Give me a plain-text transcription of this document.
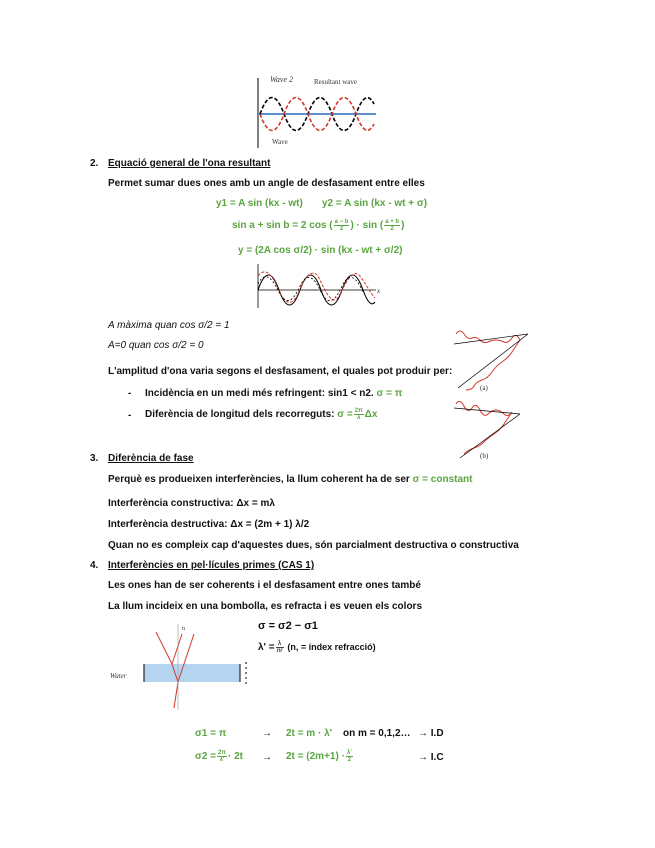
Wave 2	Resultant wave
Wave
2. Equació general de l'ona resultant
Permet sumar dues ones amb un angle de desfasament entre elles
y1 = A sin (kx - wt) y2 = A sin (kx - wt + σ)
sin a + sin b = 2 cos ( $\frac{a - b}{2}$ ) · sin ( $\frac{a + b}{2}$ )
y = (2A cos σ/2) · sin (kx - wt + σ/2)
x
A màxima quan cos σ/2 = 1
A=0 quan cos σ/2 = 0
L'amplitud d'ona varia segons el desfasament, el quales pot produir per:
- Incidència en un medi més refringent: sin1 < n2. σ = π
- Diferència de longitud dels recorreguts: $\sigma = \frac{2\pi}{\lambda}$ Δx
(a)
(b)
3. Diferència de fase
Perquè es produeixen interferències, la llum coherent ha de ser σ = constant
Interferència constructiva: Δx = mλ
Interferència destructiva: Δx = (2m + 1) λ/2
Quan no es compleix cap d'aquestes dues, són parcialment destructiva o constructiva
4. Interferències en pel·lícules primes (CAS 1)
Les ones han de ser coherents i el desfasament entre ones també
La llum incideix en una bombolla, es refracta i es veuen els colors
σ = σ2 − σ1
$\lambda' = \frac{\lambda}{nr} (n$, = índex refracció)
n
Water
σ1 = π	→ 2t = m · λ' on m = 0,1,2… → I.D
$\sigma 2 = \frac{2\pi}{\lambda'} \cdot 2t \to 2t = (2m+1) \cdot \frac{\lambda'}{2}$	→ I.C
